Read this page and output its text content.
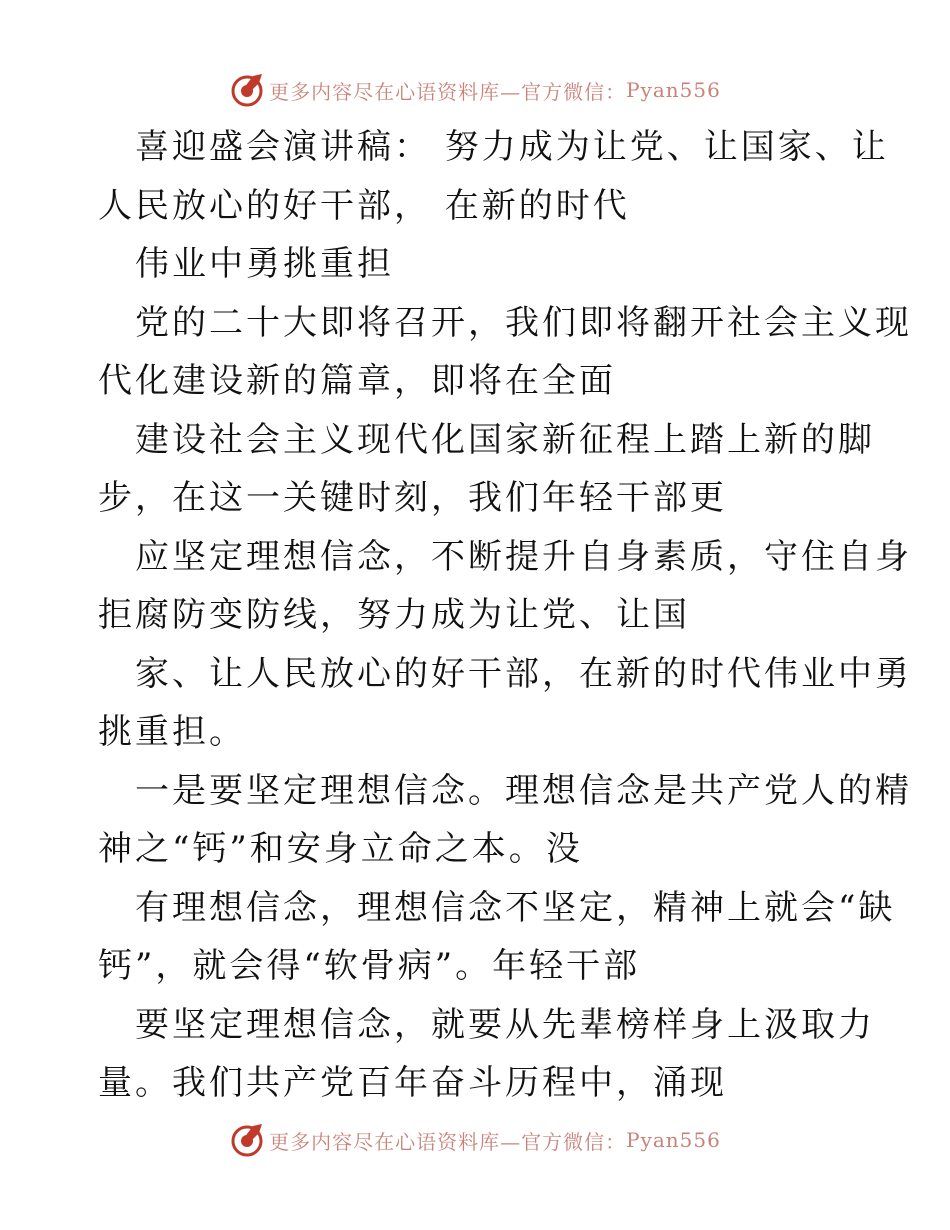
更多内容尽在心语资料库—官方微信： Pyan556
喜迎盛会演讲稿： 努力成为让党、让国家、让
人民放心的好干部， 在新的时代
伟业中勇挑重担
党的二十大即将召开，我们即将翻开社会主义现
代化建设新的篇章，即将在全面
建设社会主义现代化国家新征程上踏上新的脚
步，在这一关键时刻，我们年轻干部更
应坚定理想信念，不断提升自身素质，守住自身
拒腐防变防线，努力成为让党、让国
家、让人民放心的好干部，在新的时代伟业中勇
挑重担。
一是要坚定理想信念。理想信念是共产党人的精
神之“钙”和安身立命之本。没
有理想信念，理想信念不坚定，精神上就会“缺
钙”，就会得“软骨病”。年轻干部
要坚定理想信念，就要从先辈榜样身上汲取力
量。我们共产党百年奋斗历程中，涌现
更多内容尽在心语资料库—官方微信： Pyan556
